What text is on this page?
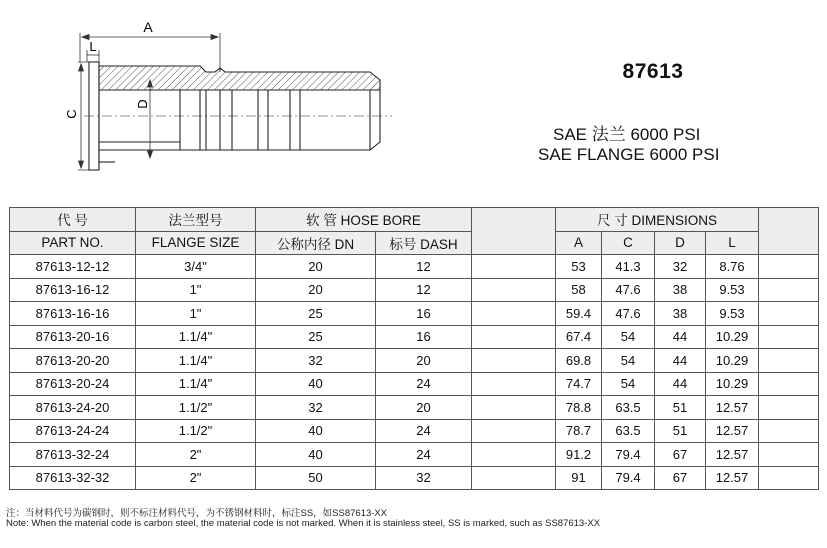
A
L
C
D
87613
SAE 法兰 6000 PSI
SAE FLANGE 6000 PSI
代 号	法兰型号	软 管 HOSE BORE			尺 寸 DIMENSIONS				
PART NO.	FLANGE SIZE	公称内径 DN	标号 DASH		A	C	D	L	
87613-12-12	3/4"	20	12		53	41.3	32	8.76	
87613-16-12	1"	20	12		58	47.6	38	9.53	
87613-16-16	1"	25	16		59.4	47.6	38	9.53	
87613-20-16	1.1/4"	25	16		67.4	54	44	10.29	
87613-20-20	1.1/4"	32	20		69.8	54	44	10.29	
87613-20-24	1.1/4"	40	24		74.7	54	44	10.29	
87613-24-20	1.1/2"	32	20		78.8	63.5	51	12.57	
87613-24-24	1.1/2"	40	24		78.7	63.5	51	12.57	
87613-32-24	2"	40	24		91.2	79.4	67	12.57	
87613-32-32	2"	50	32		91	79.4	67	12.57	
注：当材料代号为碳钢时，则不标注材料代号，为不锈钢材料时，标注SS，如SS87613-XX
Note: When the material code is carbon steel, the material code is not marked. When it is stainless steel, SS is marked, such as SS87613-XX
